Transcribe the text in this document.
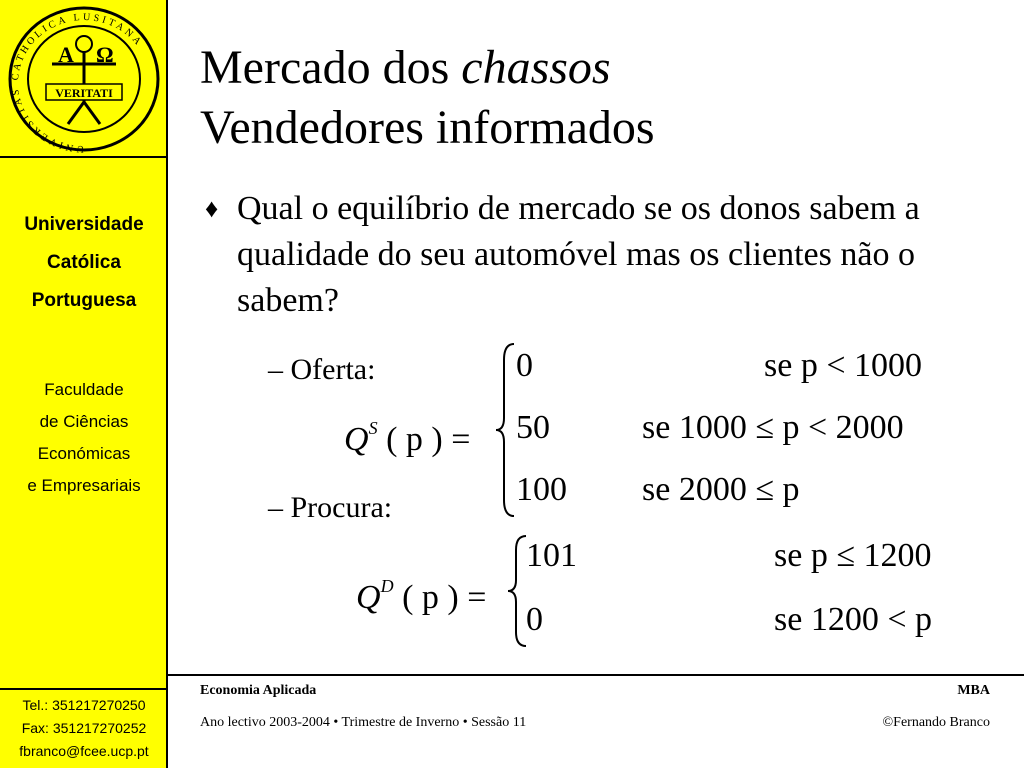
UNIVERSITAS CATHOLICA LUSITANA
A Ω
VERITATI
Universidade
Católica
Portuguesa
Faculdade
de Ciências
Económicas
e Empresariais
Tel.: 351217270250
Fax: 351217270252
fbranco@fcee.ucp.pt
Mercado dos chassos
Vendedores informados
♦ Qual o equilíbrio de mercado se os donos sabem a qualidade do seu automóvel mas os clientes não o sabem?
– Oferta:
– Procura:
$Q^S$ ( p ) =
0	se p < 1000
50	se 1000 ≤ p < 2000
100 se 2000 ≤ p
$Q^D$ ( p ) =
101	se p ≤ 1200
0	se 1200 < p
Economia Aplicada	MBA
Ano lectivo 2003-2004 • Trimestre de Inverno • Sessão 11	©Fernando Branco
